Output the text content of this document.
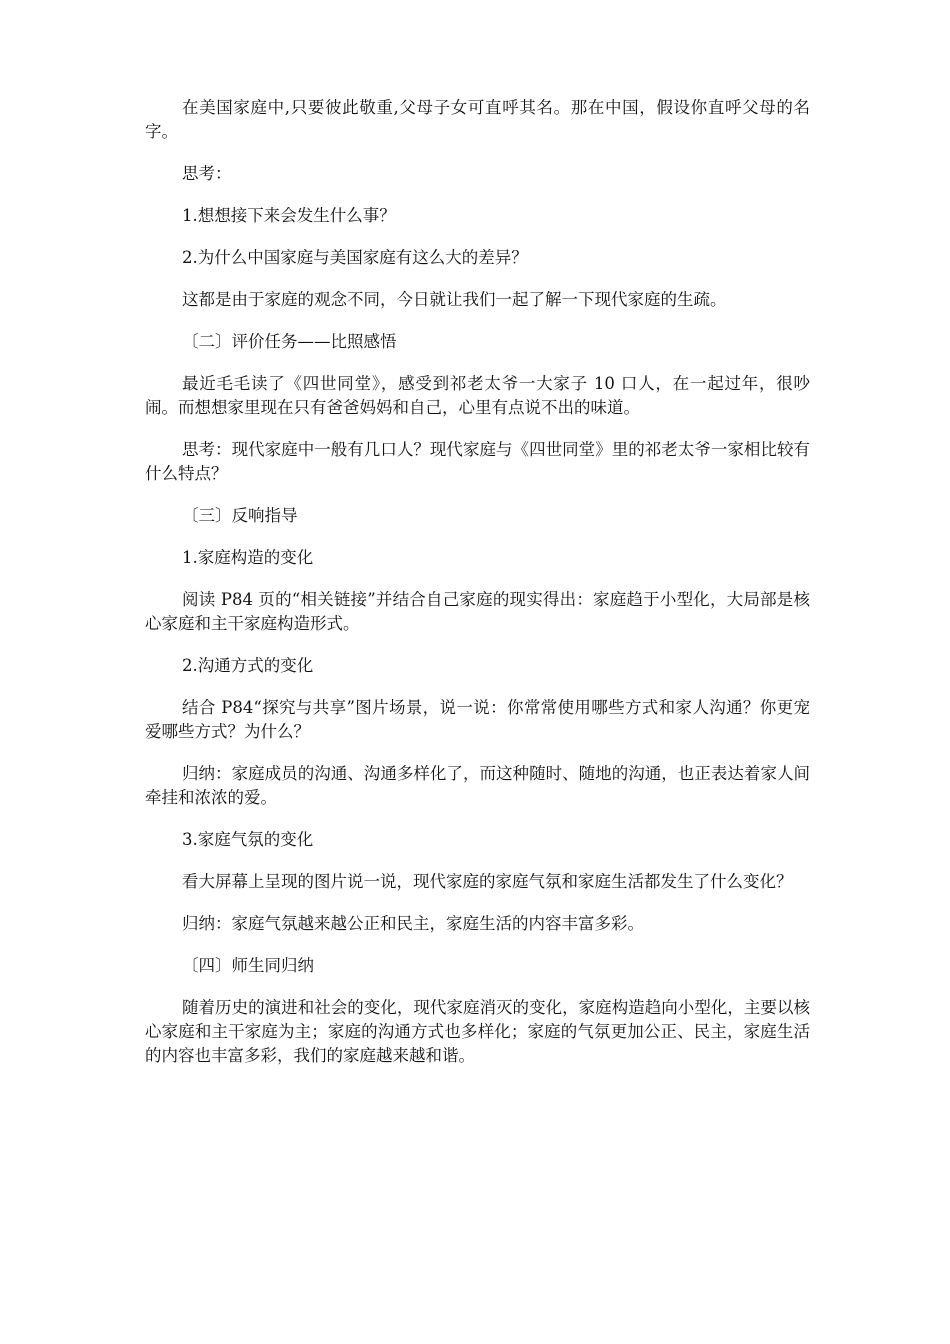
在美国家庭中,只要彼此敬重,父母子女可直呼其名。那在中国，假设你直呼父母的名字。

思考：

1.想想接下来会发生什么事？

2.为什么中国家庭与美国家庭有这么大的差异？

这都是由于家庭的观念不同，今日就让我们一起了解一下现代家庭的生疏。

〔二〕评价任务——比照感悟

最近毛毛读了《四世同堂》，感受到祁老太爷一大家子 10 口人，在一起过年，很吵闹。而想想家里现在只有爸爸妈妈和自己，心里有点说不出的味道。

思考：现代家庭中一般有几口人？现代家庭与《四世同堂》里的祁老太爷一家相比较有什么特点？

〔三〕反响指导

1.家庭构造的变化

阅读 P84 页的“相关链接”并结合自己家庭的现实得出：家庭趋于小型化，大局部是核心家庭和主干家庭构造形式。

2.沟通方式的变化

结合 P84“探究与共享”图片场景，说一说：你常常使用哪些方式和家人沟通？你更宠爱哪些方式？为什么？

归纳：家庭成员的沟通、沟通多样化了，而这种随时、随地的沟通，也正表达着家人间牵挂和浓浓的爱。

3.家庭气氛的变化

看大屏幕上呈现的图片说一说，现代家庭的家庭气氛和家庭生活都发生了什么变化？

归纳：家庭气氛越来越公正和民主，家庭生活的内容丰富多彩。

〔四〕师生同归纳

随着历史的演进和社会的变化，现代家庭消灭的变化，家庭构造趋向小型化，主要以核心家庭和主干家庭为主；家庭的沟通方式也多样化；家庭的气氛更加公正、民主，家庭生活的内容也丰富多彩，我们的家庭越来越和谐。
